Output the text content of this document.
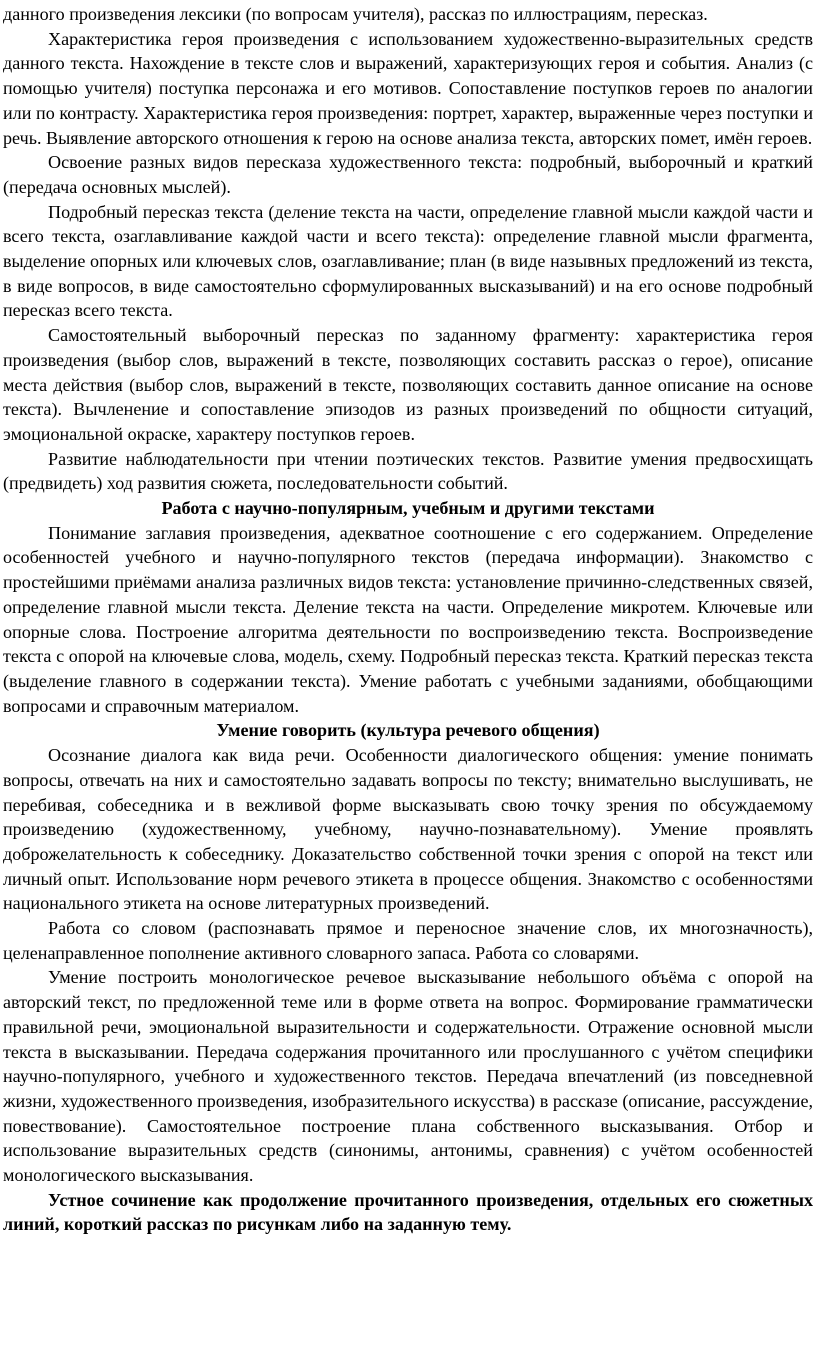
данного произведения лексики (по вопросам учителя), рассказ по иллюстрациям, пересказ.

Характеристика героя произведения с использованием художественно-выразительных средств данного текста. Нахождение в тексте слов и выражений, характеризующих героя и события. Анализ (с помощью учителя) поступка персонажа и его мотивов. Сопоставление поступков героев по аналогии или по контрасту. Характеристика героя произведения: портрет, характер, выраженные через поступки и речь. Выявление авторского отношения к герою на основе анализа текста, авторских помет, имён героев.

Освоение разных видов пересказа художественного текста: подробный, выборочный и краткий (передача основных мыслей).

Подробный пересказ текста (деление текста на части, определение главной мысли каждой части и всего текста, озаглавливание каждой части и всего текста): определение главной мысли фрагмента, выделение опорных или ключевых слов, озаглавливание; план (в виде назывных предложений из текста, в виде вопросов, в виде самостоятельно сформулированных высказываний) и на его основе подробный пересказ всего текста.

Самостоятельный выборочный пересказ по заданному фрагменту: характеристика героя произведения (выбор слов, выражений в тексте, позволяющих составить рассказ о герое), описание места действия (выбор слов, выражений в тексте, позволяющих составить данное описание на основе текста). Вычленение и сопоставление эпизодов из разных произведений по общности ситуаций, эмоциональной окраске, характеру поступков героев.

Развитие наблюдательности при чтении поэтических текстов. Развитие умения предвосхищать (предвидеть) ход развития сюжета, последовательности событий.

Работа с научно-популярным, учебным и другими текстами

Понимание заглавия произведения, адекватное соотношение с его содержанием. Определение особенностей учебного и научно-популярного текстов (передача информации). Знакомство с простейшими приёмами анализа различных видов текста: установление причинно-следственных связей, определение главной мысли текста. Деление текста на части. Определение микротем. Ключевые или опорные слова. Построение алгоритма деятельности по воспроизведению текста. Воспроизведение текста с опорой на ключевые слова, модель, схему. Подробный пересказ текста. Краткий пересказ текста (выделение главного в содержании текста). Умение работать с учебными заданиями, обобщающими вопросами и справочным материалом.

Умение говорить (культура речевого общения)

Осознание диалога как вида речи. Особенности диалогического общения: умение понимать вопросы, отвечать на них и самостоятельно задавать вопросы по тексту; внимательно выслушивать, не перебивая, собеседника и в вежливой форме высказывать свою точку зрения по обсуждаемому произведению (художественному, учебному, научно-познавательному). Умение проявлять доброжелательность к собеседнику. Доказательство собственной точки зрения с опорой на текст или личный опыт. Использование норм речевого этикета в процессе общения. Знакомство с особенностями национального этикета на основе литературных произведений.

Работа со словом (распознавать прямое и переносное значение слов, их многозначность), целенаправленное пополнение активного словарного запаса. Работа со словарями.

Умение построить монологическое речевое высказывание небольшого объёма с опорой на авторский текст, по предложенной теме или в форме ответа на вопрос. Формирование грамматически правильной речи, эмоциональной выразительности и содержательности. Отражение основной мысли текста в высказывании. Передача содержания прочитанного или прослушанного с учётом специфики научно-популярного, учебного и художественного текстов. Передача впечатлений (из повседневной жизни, художественного произведения, изобразительного искусства) в рассказе (описание, рассуждение, повествование). Самостоятельное построение плана собственного высказывания. Отбор и использование выразительных средств (синонимы, антонимы, сравнения) с учётом особенностей монологического высказывания.

Устное сочинение как продолжение прочитанного произведения, отдельных его сюжетных линий, короткий рассказ по рисункам либо на заданную тему.
